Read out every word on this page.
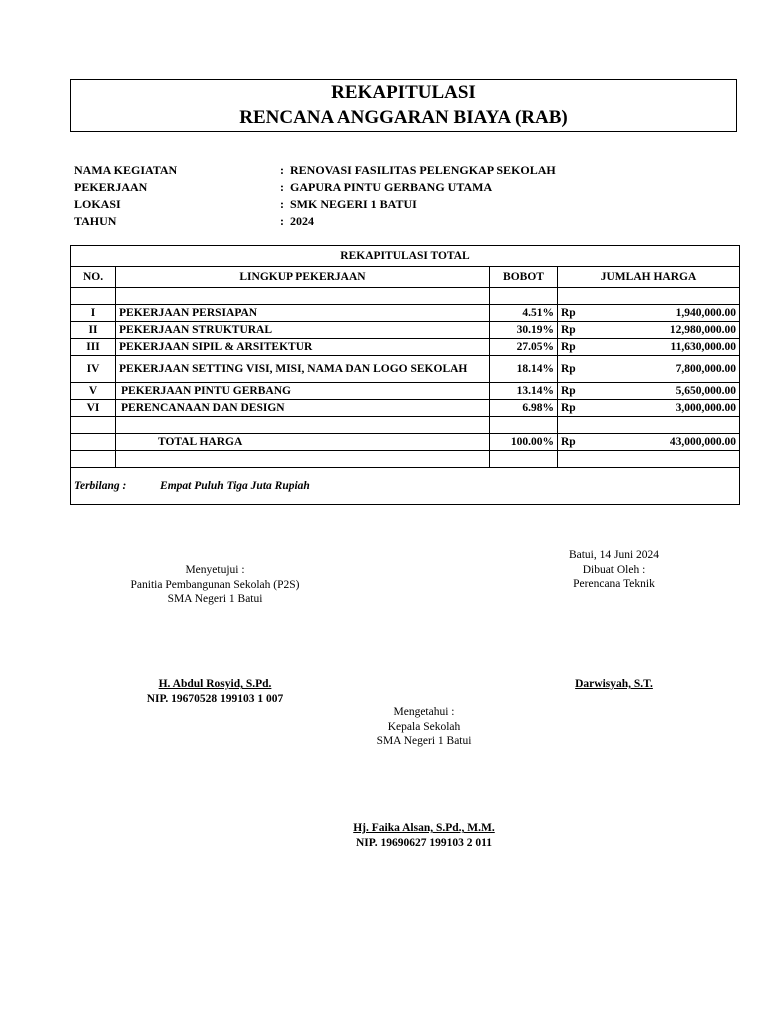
REKAPITULASI
RENCANA ANGGARAN BIAYA (RAB)
NAMA KEGIATAN	: RENOVASI FASILITAS PELENGKAP SEKOLAH
PEKERJAAN	: GAPURA PINTU GERBANG UTAMA
LOKASI	: SMK NEGERI 1 BATUI
TAHUN	: 2024
REKAPITULASI TOTAL				
NO.	LINGKUP PEKERJAAN	BOBOT	JUMLAH HARGA	

I	PEKERJAAN PERSIAPAN	4.51%	Rp	1,940,000.00
II	PEKERJAAN STRUKTURAL	30.19%	Rp	12,980,000.00
III	PEKERJAAN SIPIL & ARSITEKTUR	27.05%	Rp	11,630,000.00
IV	PEKERJAAN SETTING VISI, MISI, NAMA DAN LOGO SEKOLAH	18.14%	Rp	7,800,000.00
V	PEKERJAAN PINTU GERBANG	13.14%	Rp	5,650,000.00
VI	PERENCANAAN DAN DESIGN	6.98%	Rp	3,000,000.00

	TOTAL HARGA	100.00%	Rp	43,000,000.00

Terbilang : Empat Puluh Tiga Juta Rupiah				
Menyetujui :
Panitia Pembangunan Sekolah (P2S)
SMA Negeri 1 Batui
H. Abdul Rosyid, S.Pd.
NIP. 19670528 199103 1 007
Batui, 14 Juni 2024
Dibuat Oleh :
Perencana Teknik
Darwisyah, S.T.
Mengetahui :
Kepala Sekolah
SMA Negeri 1 Batui
Hj. Faika Alsan, S.Pd., M.M.
NIP. 19690627 199103 2 011
